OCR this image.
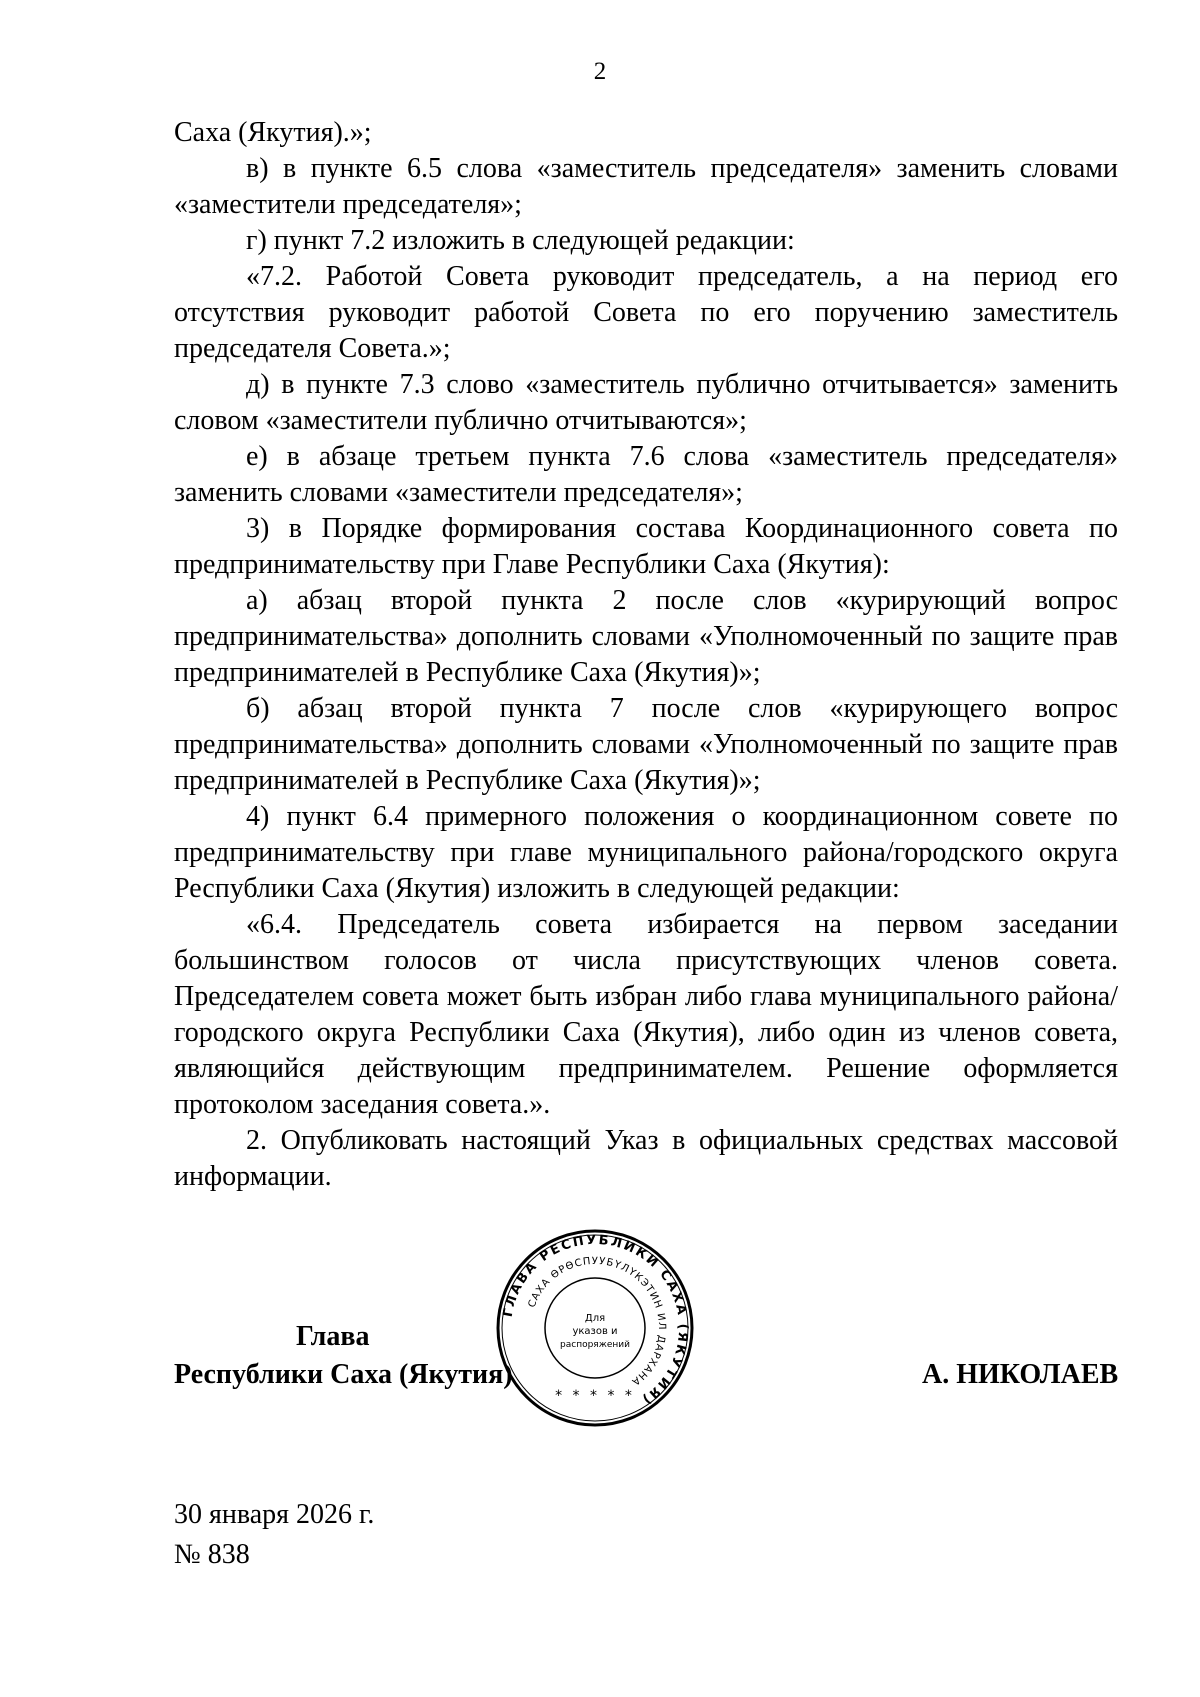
2

Саха (Якутия).»;

в) в пункте 6.5 слова «заместитель председателя» заменить словами «заместители председателя»;

г) пункт 7.2 изложить в следующей редакции:

«7.2. Работой Совета руководит председатель, а на период его отсутствия руководит работой Совета по его поручению заместитель председателя Совета.»;

д) в пункте 7.3 слово «заместитель публично отчитывается» заменить словом «заместители публично отчитываются»;

е) в абзаце третьем пункта 7.6 слова «заместитель председателя» заменить словами «заместители председателя»;

3) в Порядке формирования состава Координационного совета по предпринимательству при Главе Республики Саха (Якутия):

а) абзац второй пункта 2 после слов «курирующий вопрос предпринимательства» дополнить словами «Уполномоченный по защите прав предпринимателей в Республике Саха (Якутия)»;

б) абзац второй пункта 7 после слов «курирующего вопрос предпринимательства» дополнить словами «Уполномоченный по защите прав предпринимателей в Республике Саха (Якутия)»;

4) пункт 6.4 примерного положения о координационном совете по предпринимательству при главе муниципального района/городского округа Республики Саха (Якутия) изложить в следующей редакции:

«6.4. Председатель совета избирается на первом заседании большинством голосов от числа присутствующих членов совета. Председателем совета может быть избран либо глава муниципального района/городского округа Республики Саха (Якутия), либо один из членов совета, являющийся действующим предпринимателем. Решение оформляется протоколом заседания совета.».

2. Опубликовать настоящий Указ в официальных средствах массовой информации.

Глава
Республики Саха (Якутия)
ГЛАВА РЕСПУБЛИКИ САХА (ЯКУТИЯ)
САХА ӨРӨСПУУБҮЛҮКЭТИН ИЛ ДАРХАНА
Для
указов и
распоряжений
* * * * *
А. НИКОЛАЕВ
30 января 2026 г.
№ 838
